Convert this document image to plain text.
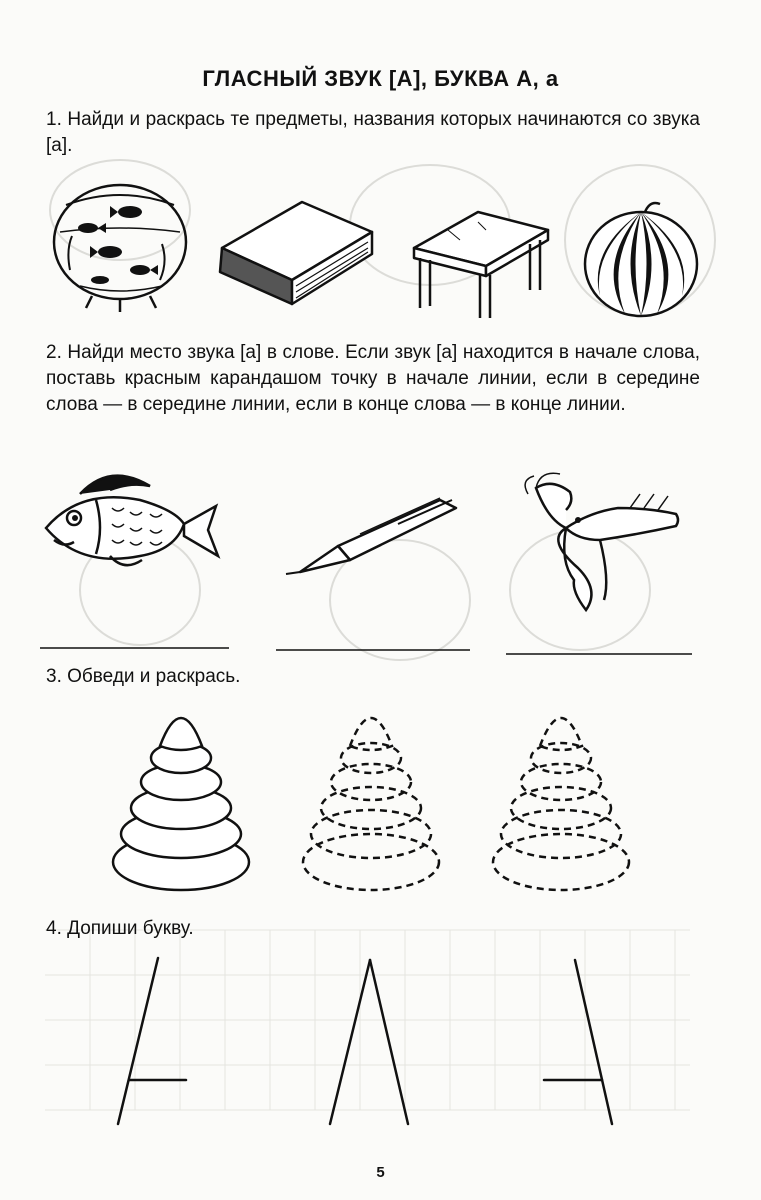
ГЛАСНЫЙ ЗВУК [А], БУКВА А, а
1. Найди и раскрась те предметы, названия которых начинаются со звука [а].
2. Найди место звука [а] в слове. Если звук [а] находится в начале слова, поставь красным карандашом точку в начале линии, если в середине слова — в середине линии, если в конце слова — в конце линии.
3. Обведи и раскрась.
4. Допиши букву.
5
